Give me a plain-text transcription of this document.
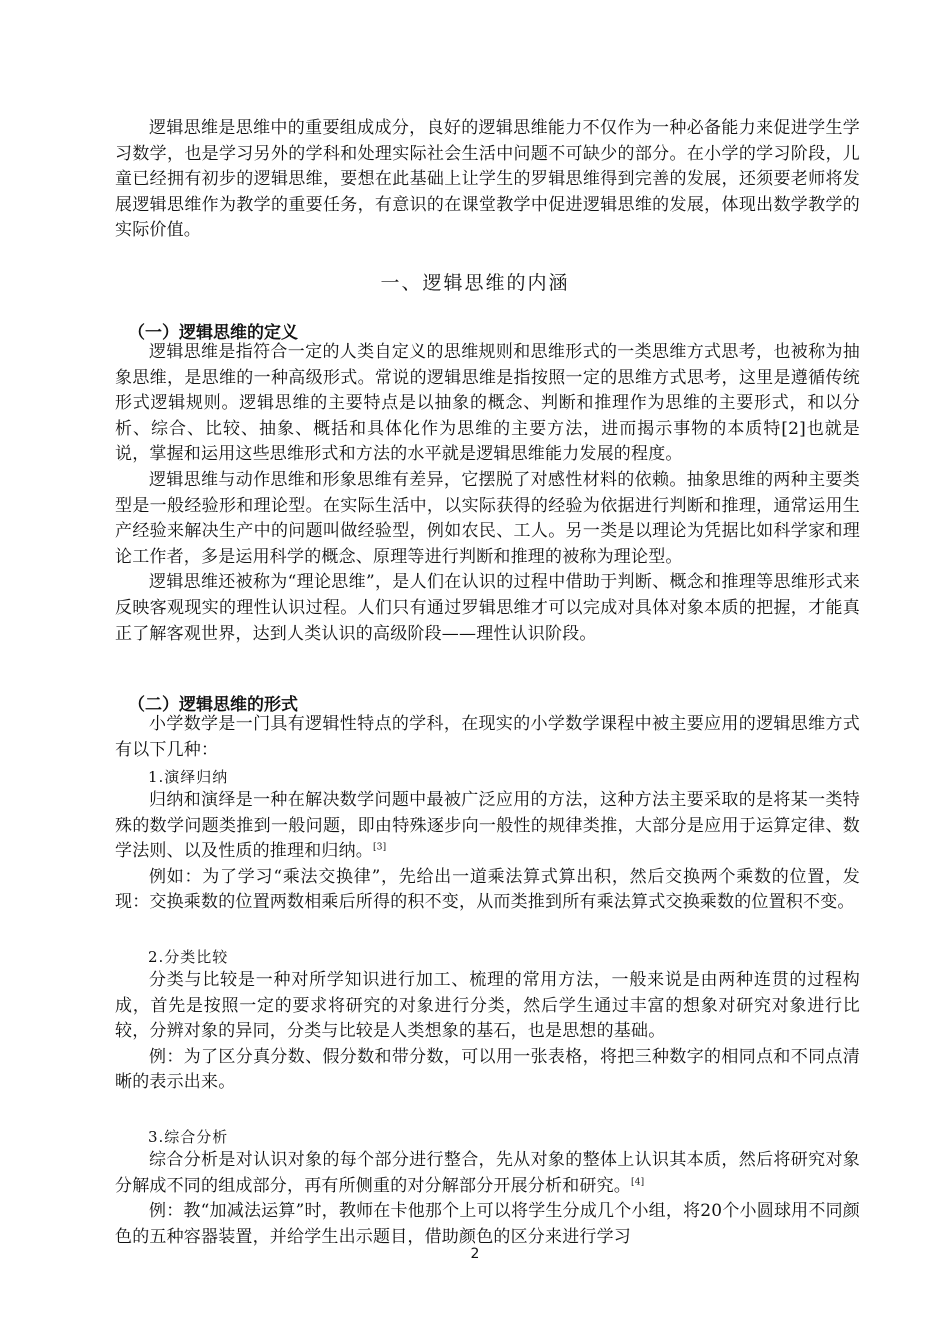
逻辑思维是思维中的重要组成成分，良好的逻辑思维能力不仅作为一种必备能力来促进学生学习数学，也是学习另外的学科和处理实际社会生活中问题不可缺少的部分。在小学的学习阶段，儿童已经拥有初步的逻辑思维，要想在此基础上让学生的罗辑思维得到完善的发展，还须要老师将发展逻辑思维作为教学的重要任务，有意识的在课堂教学中促进逻辑思维的发展，体现出数学教学的实际价值。

一、逻辑思维的内涵
（一）逻辑思维的定义

逻辑思维是指符合一定的人类自定义的思维规则和思维形式的一类思维方式思考，也被称为抽象思维，是思维的一种高级形式。常说的逻辑思维是指按照一定的思维方式思考，这里是遵循传统形式逻辑规则。逻辑思维的主要特点是以抽象的概念、判断和推理作为思维的主要形式，和以分析、综合、比较、抽象、概括和具体化作为思维的主要方法，进而揭示事物的本质特[2]也就是说，掌握和运用这些思维形式和方法的水平就是逻辑思维能力发展的程度。

逻辑思维与动作思维和形象思维有差异，它摆脱了对感性材料的依赖。抽象思维的两种主要类型是一般经验形和理论型。在实际生活中，以实际获得的经验为依据进行判断和推理，通常运用生产经验来解决生产中的问题叫做经验型，例如农民、工人。另一类是以理论为凭据比如科学家和理论工作者，多是运用科学的概念、原理等进行判断和推理的被称为理论型。

逻辑思维还被称为“理论思维”，是人们在认识的过程中借助于判断、概念和推理等思维形式来反映客观现实的理性认识过程。人们只有通过罗辑思维才可以完成对具体对象本质的把握，才能真正了解客观世界，达到人类认识的高级阶段——理性认识阶段。

（二）逻辑思维的形式

小学数学是一门具有逻辑性特点的学科，在现实的小学数学课程中被主要应用的逻辑思维方式有以下几种：

1.演绎归纳

归纳和演绎是一种在解决数学问题中最被广泛应用的方法，这种方法主要采取的是将某一类特殊的数学问题类推到一般问题，即由特殊逐步向一般性的规律类推，大部分是应用于运算定律、数学法则、以及性质的推理和归纳。[3]

例如：为了学习“乘法交换律”，先给出一道乘法算式算出积，然后交换两个乘数的位置，发现：交换乘数的位置两数相乘后所得的积不变，从而类推到所有乘法算式交换乘数的位置积不变。

2.分类比较

分类与比较是一种对所学知识进行加工、梳理的常用方法，一般来说是由两种连贯的过程构成，首先是按照一定的要求将研究的对象进行分类，然后学生通过丰富的想象对研究对象进行比较，分辨对象的异同，分类与比较是人类想象的基石，也是思想的基础。

例：为了区分真分数、假分数和带分数，可以用一张表格，将把三种数字的相同点和不同点清晰的表示出来。

3.综合分析

综合分析是对认识对象的每个部分进行整合，先从对象的整体上认识其本质，然后将研究对象分解成不同的组成部分，再有所侧重的对分解部分开展分析和研究。[4]

例：教“加减法运算”时，教师在卡他那个上可以将学生分成几个小组，将20个小圆球用不同颜色的五种容器装置，并给学生出示题目，借助颜色的区分来进行学习

2
